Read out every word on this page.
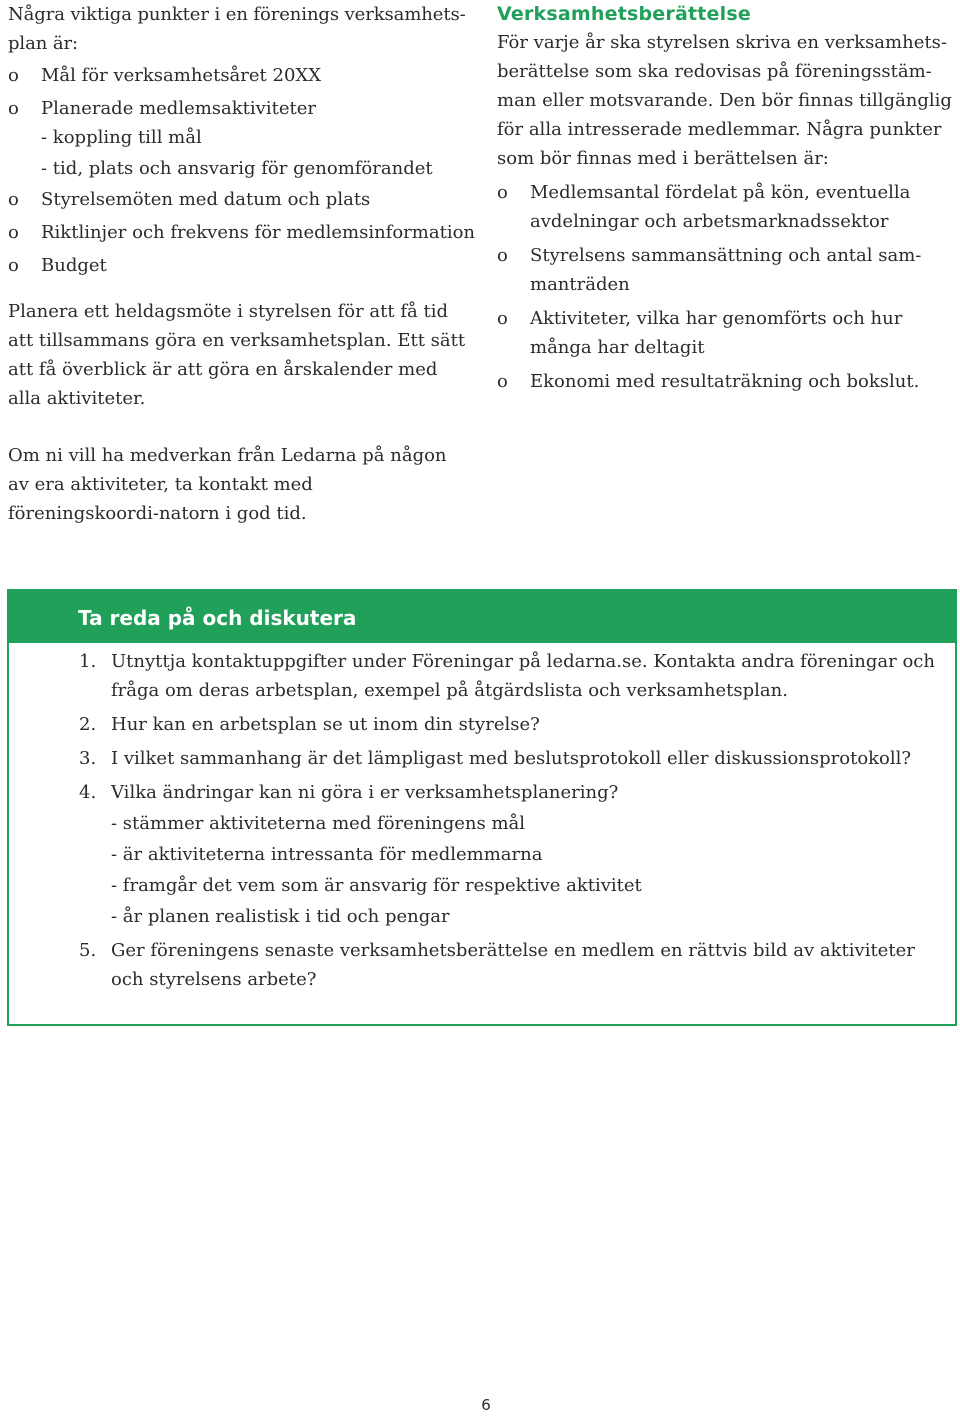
Några viktiga punkter i en förenings verksamhets-plan är:

o Mål för verksamhetsåret 20XX
o Planerade medlemsaktiviteter
- koppling till mål
- tid, plats och ansvarig för genomförandet
o Styrelsemöten med datum och plats
o Riktlinjer och frekvens för medlemsinformation
o Budget

Planera ett heldagsmöte i styrelsen för att få tid att tillsammans göra en verksamhetsplan. Ett sätt att få överblick är att göra en årskalender med alla aktiviteter.

Om ni vill ha medverkan från Ledarna på någon av era aktiviteter, ta kontakt med föreningskoordi-natorn i god tid.

Verksamhetsberättelse

För varje år ska styrelsen skriva en verksamhets-berättelse som ska redovisas på föreningsstäm-man eller motsvarande. Den bör finnas tillgänglig för alla intresserade medlemmar. Några punkter som bör finnas med i berättelsen är:

o Medlemsantal fördelat på kön, eventuella avdelningar och arbetsmarknadssektor
o Styrelsens sammansättning och antal sam-manträden
o Aktiviteter, vilka har genomförts och hur många har deltagit
o Ekonomi med resultaträkning och bokslut.
Ta reda på och diskutera
1. Utnyttja kontaktuppgifter under Föreningar på ledarna.se. Kontakta andra föreningar och fråga om deras arbetsplan, exempel på åtgärdslista och verksamhetsplan.
2. Hur kan en arbetsplan se ut inom din styrelse?
3. I vilket sammanhang är det lämpligast med beslutsprotokoll eller diskussionsprotokoll?
4. Vilka ändringar kan ni göra i er verksamhetsplanering?
- stämmer aktiviteterna med föreningens mål
- är aktiviteterna intressanta för medlemmarna
- framgår det vem som är ansvarig för respektive aktivitet
- år planen realistisk i tid och pengar
5. Ger föreningens senaste verksamhetsberättelse en medlem en rättvis bild av aktiviteter och styrelsens arbete?
6
